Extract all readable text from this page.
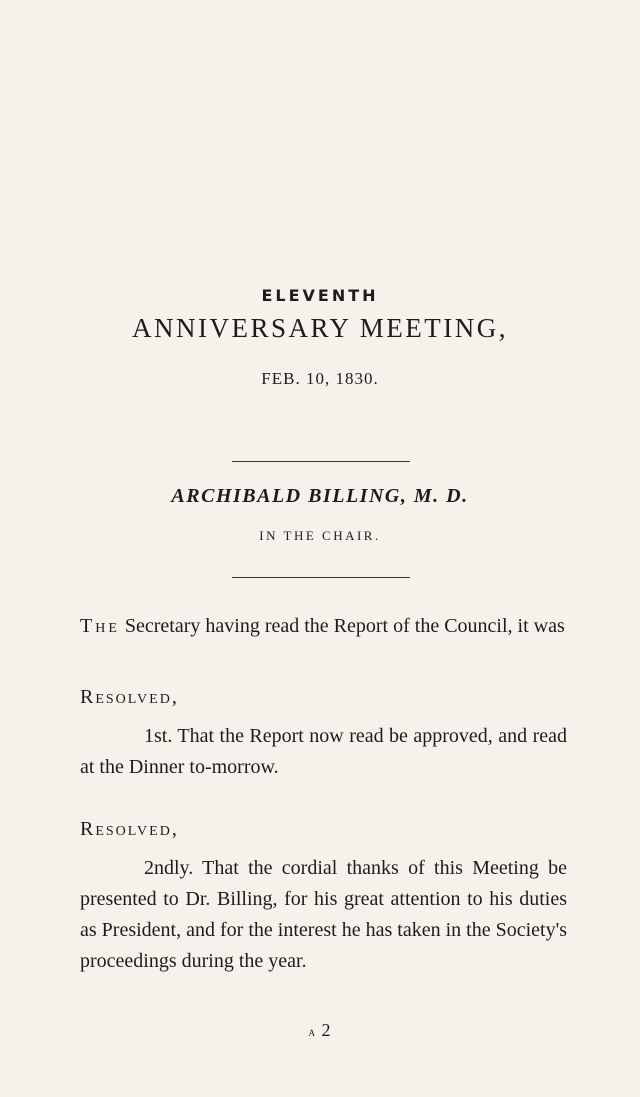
ELEVENTH
ANNIVERSARY MEETING,
FEB. 10, 1830.
ARCHIBALD BILLING, M. D.
IN THE CHAIR.
The Secretary having read the Report of the Council, it was
Resolved,
1st. That the Report now read be approved, and read at the Dinner to-morrow.
Resolved,
2ndly. That the cordial thanks of this Meeting be presented to Dr. Billing, for his great attention to his duties as President, and for the interest he has taken in the Society's proceedings during the year.
a 2
